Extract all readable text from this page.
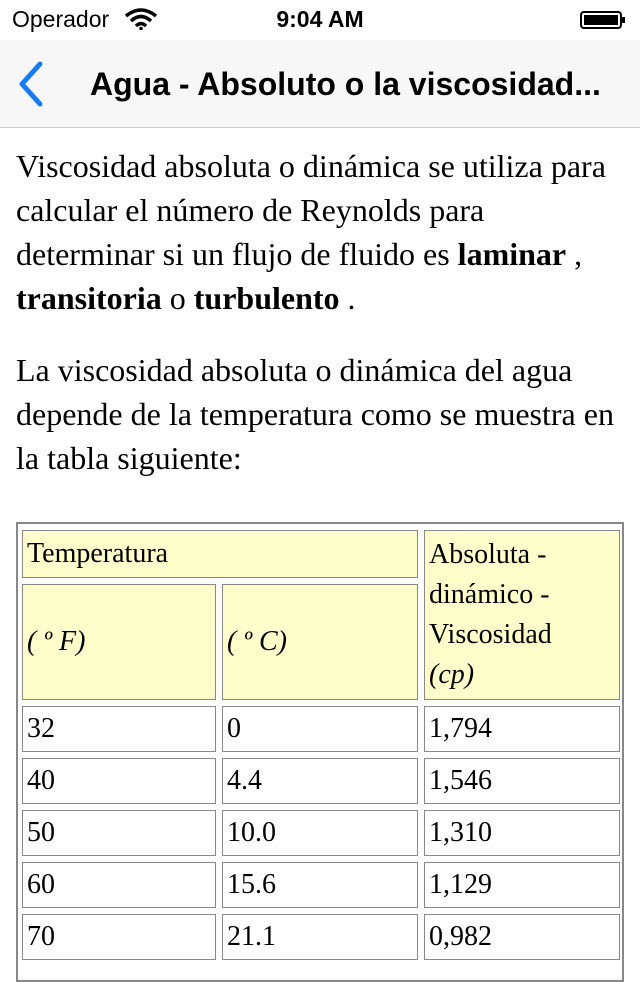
Operador	9:04 AM
Agua - Absoluto o la viscosidad...

Viscosidad absoluta o dinámica se utiliza para calcular el número de Reynolds para determinar si un flujo de fluido es laminar , transitoria o turbulento .

La viscosidad absoluta o dinámica del agua depende de la temperatura como se muestra en la tabla siguiente:

Temperatura		Absoluta - dinámico - Viscosidad
(cp)
( º F)	( º C)	
32	0	1,794
40	4.4	1,546
50	10.0	1,310
60	15.6	1,129
70	21.1	0,982
